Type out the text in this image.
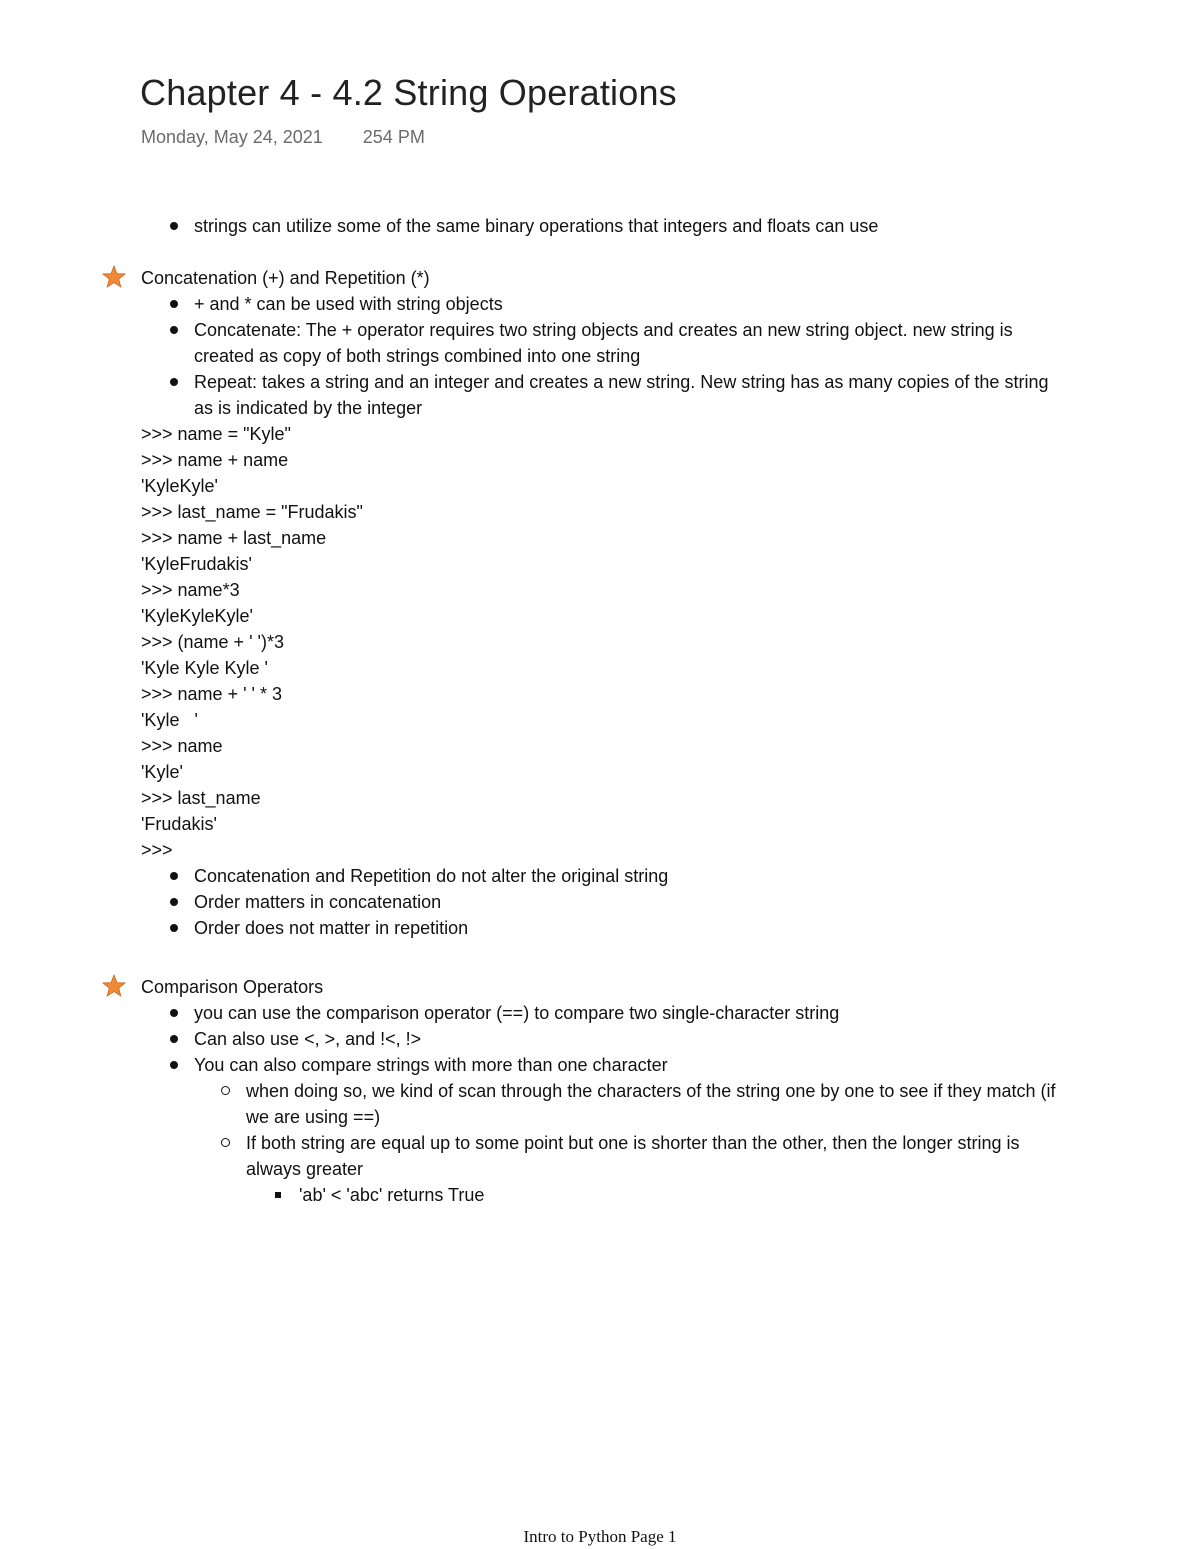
Chapter 4 - 4.2 String Operations
Monday, May 24, 2021 254 PM
strings can utilize some of the same binary operations that integers and floats can use
Concatenation (+) and Repetition (*)
+ and * can be used with string objects
Concatenate: The + operator requires two string objects and creates an new string object. new string is created as copy of both strings combined into one string
Repeat: takes a string and an integer and creates a new string. New string has as many copies of the string as is indicated by the integer
>>> name = "Kyle"
>>> name + name
'KyleKyle'
>>> last_name = "Frudakis"
>>> name + last_name
'KyleFrudakis'
>>> name*3
'KyleKyleKyle'
>>> (name + ' ')*3
'Kyle Kyle Kyle '
>>> name + ' ' * 3
'Kyle   '
>>> name
'Kyle'
>>> last_name
'Frudakis'
>>>
Concatenation and Repetition do not alter the original string
Order matters in concatenation
Order does not matter in repetition
Comparison Operators
you can use the comparison operator (==) to compare two single-character string
Can also use <, >, and !<, !>
You can also compare strings with more than one character
when doing so, we kind of scan through the characters of the string one by one to see if they match (if we are using ==)
If both string are equal up to some point but one is shorter than the other, then the longer string is always greater
'ab' < 'abc' returns True
Intro to Python Page 1
